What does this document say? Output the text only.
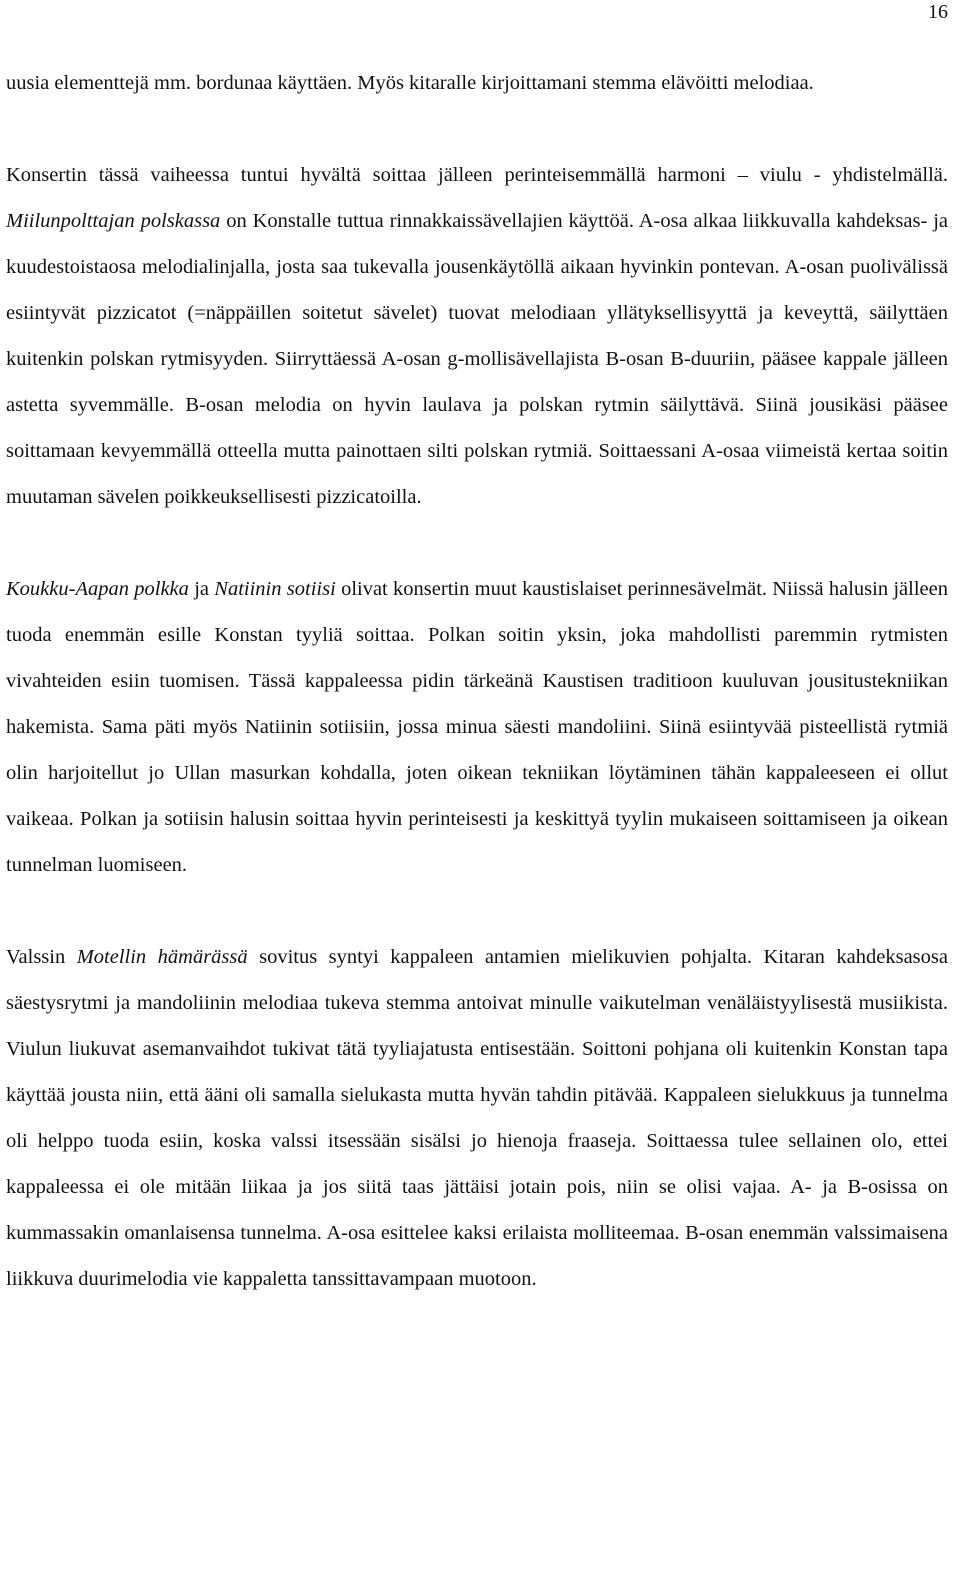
16

uusia elementtejä mm. bordunaa käyttäen. Myös kitaralle kirjoittamani stemma elävöitti melodiaa.

Konsertin tässä vaiheessa tuntui hyvältä soittaa jälleen perinteisemmällä harmoni – viulu - yhdistelmällä. Miilunpolttajan polskassa on Konstalle tuttua rinnakkaissävellajien käyttöä. A-osa alkaa liikkuvalla kahdeksas- ja kuudestoistaosa melodialinjalla, josta saa tukevalla jousenkäytöllä aikaan hyvinkin pontevan. A-osan puolivälissä esiintyvät pizzicatot (=näppäillen soitetut sävelet) tuovat melodiaan yllätyksellisyyttä ja keveyttä, säilyttäen kuitenkin polskan rytmisyyden. Siirryttäessä A-osan g-mollisävellajista B-osan B-duuriin, pääsee kappale jälleen astetta syvemmälle. B-osan melodia on hyvin laulava ja polskan rytmin säilyttävä. Siinä jousikäsi pääsee soittamaan kevyemmällä otteella mutta painottaen silti polskan rytmiä. Soittaessani A-osaa viimeistä kertaa soitin muutaman sävelen poikkeuksellisesti pizzicatoilla.

Koukku-Aapan polkka ja Natiinin sotiisi olivat konsertin muut kaustislaiset perinnesävelmät. Niissä halusin jälleen tuoda enemmän esille Konstan tyyliä soittaa. Polkan soitin yksin, joka mahdollisti paremmin rytmisten vivahteiden esiin tuomisen. Tässä kappaleessa pidin tärkeänä Kaustisen traditioon kuuluvan jousitustekniikan hakemista. Sama päti myös Natiinin sotiisiin, jossa minua säesti mandoliini. Siinä esiintyvää pisteellistä rytmiä olin harjoitellut jo Ullan masurkan kohdalla, joten oikean tekniikan löytäminen tähän kappaleeseen ei ollut vaikeaa. Polkan ja sotiisin halusin soittaa hyvin perinteisesti ja keskittyä tyylin mukaiseen soittamiseen ja oikean tunnelman luomiseen.

Valssin Motellin hämärässä sovitus syntyi kappaleen antamien mielikuvien pohjalta. Kitaran kahdeksasosa säestysrytmi ja mandoliinin melodiaa tukeva stemma antoivat minulle vaikutelman venäläistyylisestä musiikista. Viulun liukuvat asemanvaihdot tukivat tätä tyyliajatusta entisestään. Soittoni pohjana oli kuitenkin Konstan tapa käyttää jousta niin, että ääni oli samalla sielukasta mutta hyvän tahdin pitävää. Kappaleen sielukkuus ja tunnelma oli helppo tuoda esiin, koska valssi itsessään sisälsi jo hienoja fraaseja. Soittaessa tulee sellainen olo, ettei kappaleessa ei ole mitään liikaa ja jos siitä taas jättäisi jotain pois, niin se olisi vajaa. A- ja B-osissa on kummassakin omanlaisensa tunnelma. A-osa esittelee kaksi erilaista molliteemaa. B-osan enemmän valssimaisena liikkuva duurimelodia vie kappaletta tanssittavampaan muotoon.
